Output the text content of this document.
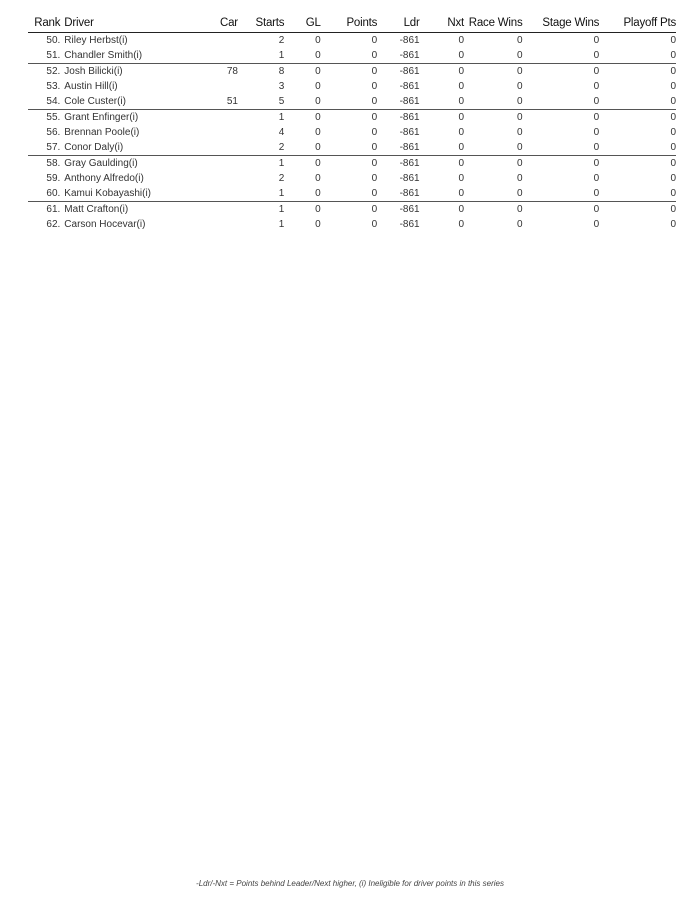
Rank	Driver	Car	Starts	GL	Points	Ldr	Nxt	Race Wins	Stage Wins	Playoff Pts
50.	Riley Herbst(i)		2	0	0	-861	0	0	0	0
51.	Chandler Smith(i)		1	0	0	-861	0	0	0	0
52.	Josh Bilicki(i)	78	8	0	0	-861	0	0	0	0
53.	Austin Hill(i)		3	0	0	-861	0	0	0	0
54.	Cole Custer(i)	51	5	0	0	-861	0	0	0	0
55.	Grant Enfinger(i)		1	0	0	-861	0	0	0	0
56.	Brennan Poole(i)		4	0	0	-861	0	0	0	0
57.	Conor Daly(i)		2	0	0	-861	0	0	0	0
58.	Gray Gaulding(i)		1	0	0	-861	0	0	0	0
59.	Anthony Alfredo(i)		2	0	0	-861	0	0	0	0
60.	Kamui Kobayashi(i)		1	0	0	-861	0	0	0	0
61.	Matt Crafton(i)		1	0	0	-861	0	0	0	0
62.	Carson Hocevar(i)		1	0	0	-861	0	0	0	0
-Ldr/-Nxt = Points behind Leader/Next higher, (i) Ineligible for driver points in this series
